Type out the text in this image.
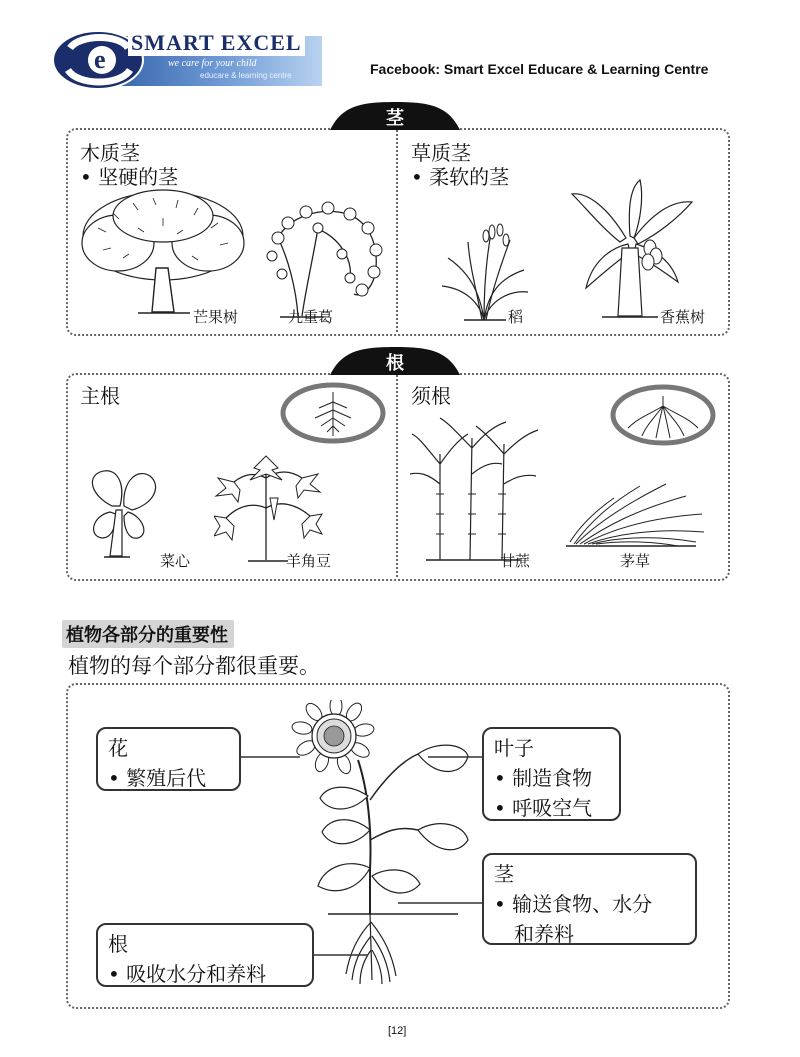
e
SMART EXCEL
we care for your child
educare & learning centre	Facebook: Smart Excel Educare & Learning Centre
茎
木质茎
• 坚硬的茎
草质茎
• 柔软的茎
芒果树	九重葛	稻	香蕉树
根
主根	须根
菜心	羊角豆	甘蔗	茅草
植物各部分的重要性
植物的每个部分都很重要。
花
• 繁殖后代
叶子
• 制造食物
• 呼吸空气
茎
• 输送食物、水分
和养料
根
• 吸收水分和养料
[12]
